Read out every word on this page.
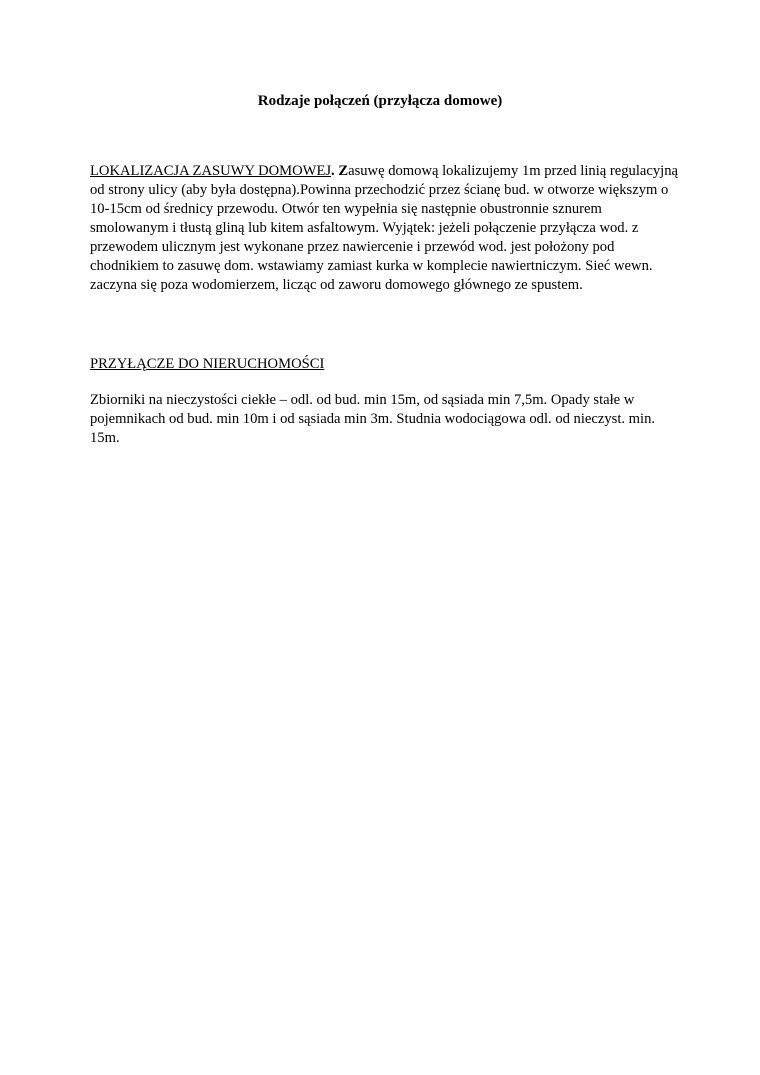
Rodzaje połączeń (przyłącza domowe)

LOKALIZACJA ZASUWY DOMOWEJ. Zasuwę domową lokalizujemy 1m przed linią regulacyjną od strony ulicy (aby była dostępna).Powinna przechodzić przez ścianę bud. w otworze większym o 10-15cm od średnicy przewodu. Otwór ten wypełnia się następnie obustronnie sznurem smolowanym i tłustą gliną lub kitem asfaltowym. Wyjątek: jeżeli połączenie przyłącza wod. z przewodem ulicznym jest wykonane przez nawiercenie i przewód wod. jest położony pod chodnikiem to zasuwę dom. wstawiamy zamiast kurka w komplecie nawiertniczym. Sieć wewn. zaczyna się poza wodomierzem, licząc od zaworu domowego głównego ze spustem.

PRZYŁĄCZE DO NIERUCHOMOŚCI

Zbiorniki na nieczystości ciekłe – odl. od bud. min 15m, od sąsiada min 7,5m. Opady stałe w pojemnikach od bud. min 10m i od sąsiada min 3m. Studnia wodociągowa odl. od nieczyst. min. 15m.
